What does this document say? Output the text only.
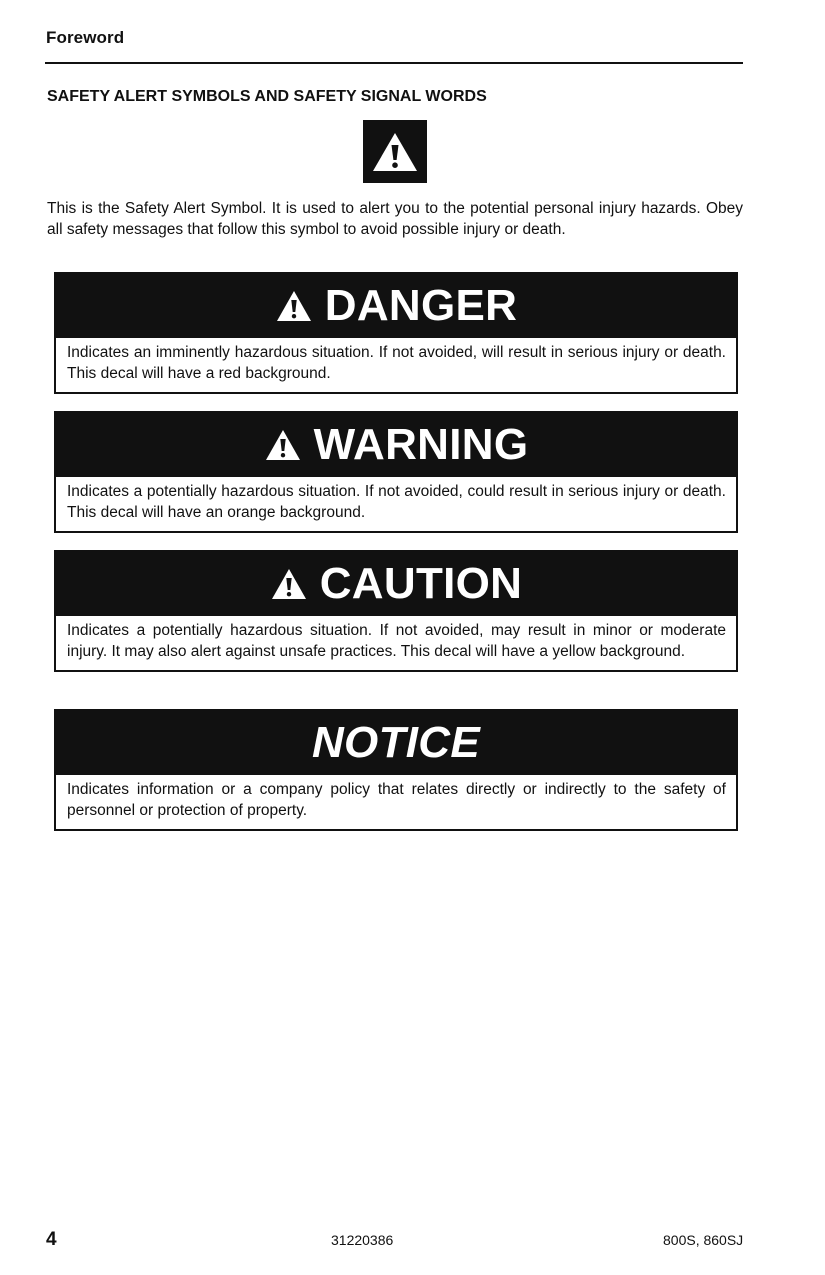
Foreword
SAFETY ALERT SYMBOLS AND SAFETY SIGNAL WORDS

This is the Safety Alert Symbol. It is used to alert you to the potential personal injury hazards. Obey all safety messages that follow this symbol to avoid possible injury or death.

DANGER
Indicates an imminently hazardous situation. If not avoided, will result in serious injury or death. This decal will have a red background.
WARNING
Indicates a potentially hazardous situation. If not avoided, could result in serious injury or death. This decal will have an orange background.
CAUTION
Indicates a potentially hazardous situation. If not avoided, may result in minor or moderate injury. It may also alert against unsafe practices. This decal will have a yellow background.
NOTICE
Indicates information or a company policy that relates directly or indirectly to the safety of personnel or protection of property.
4	31220386	800S, 860SJ
